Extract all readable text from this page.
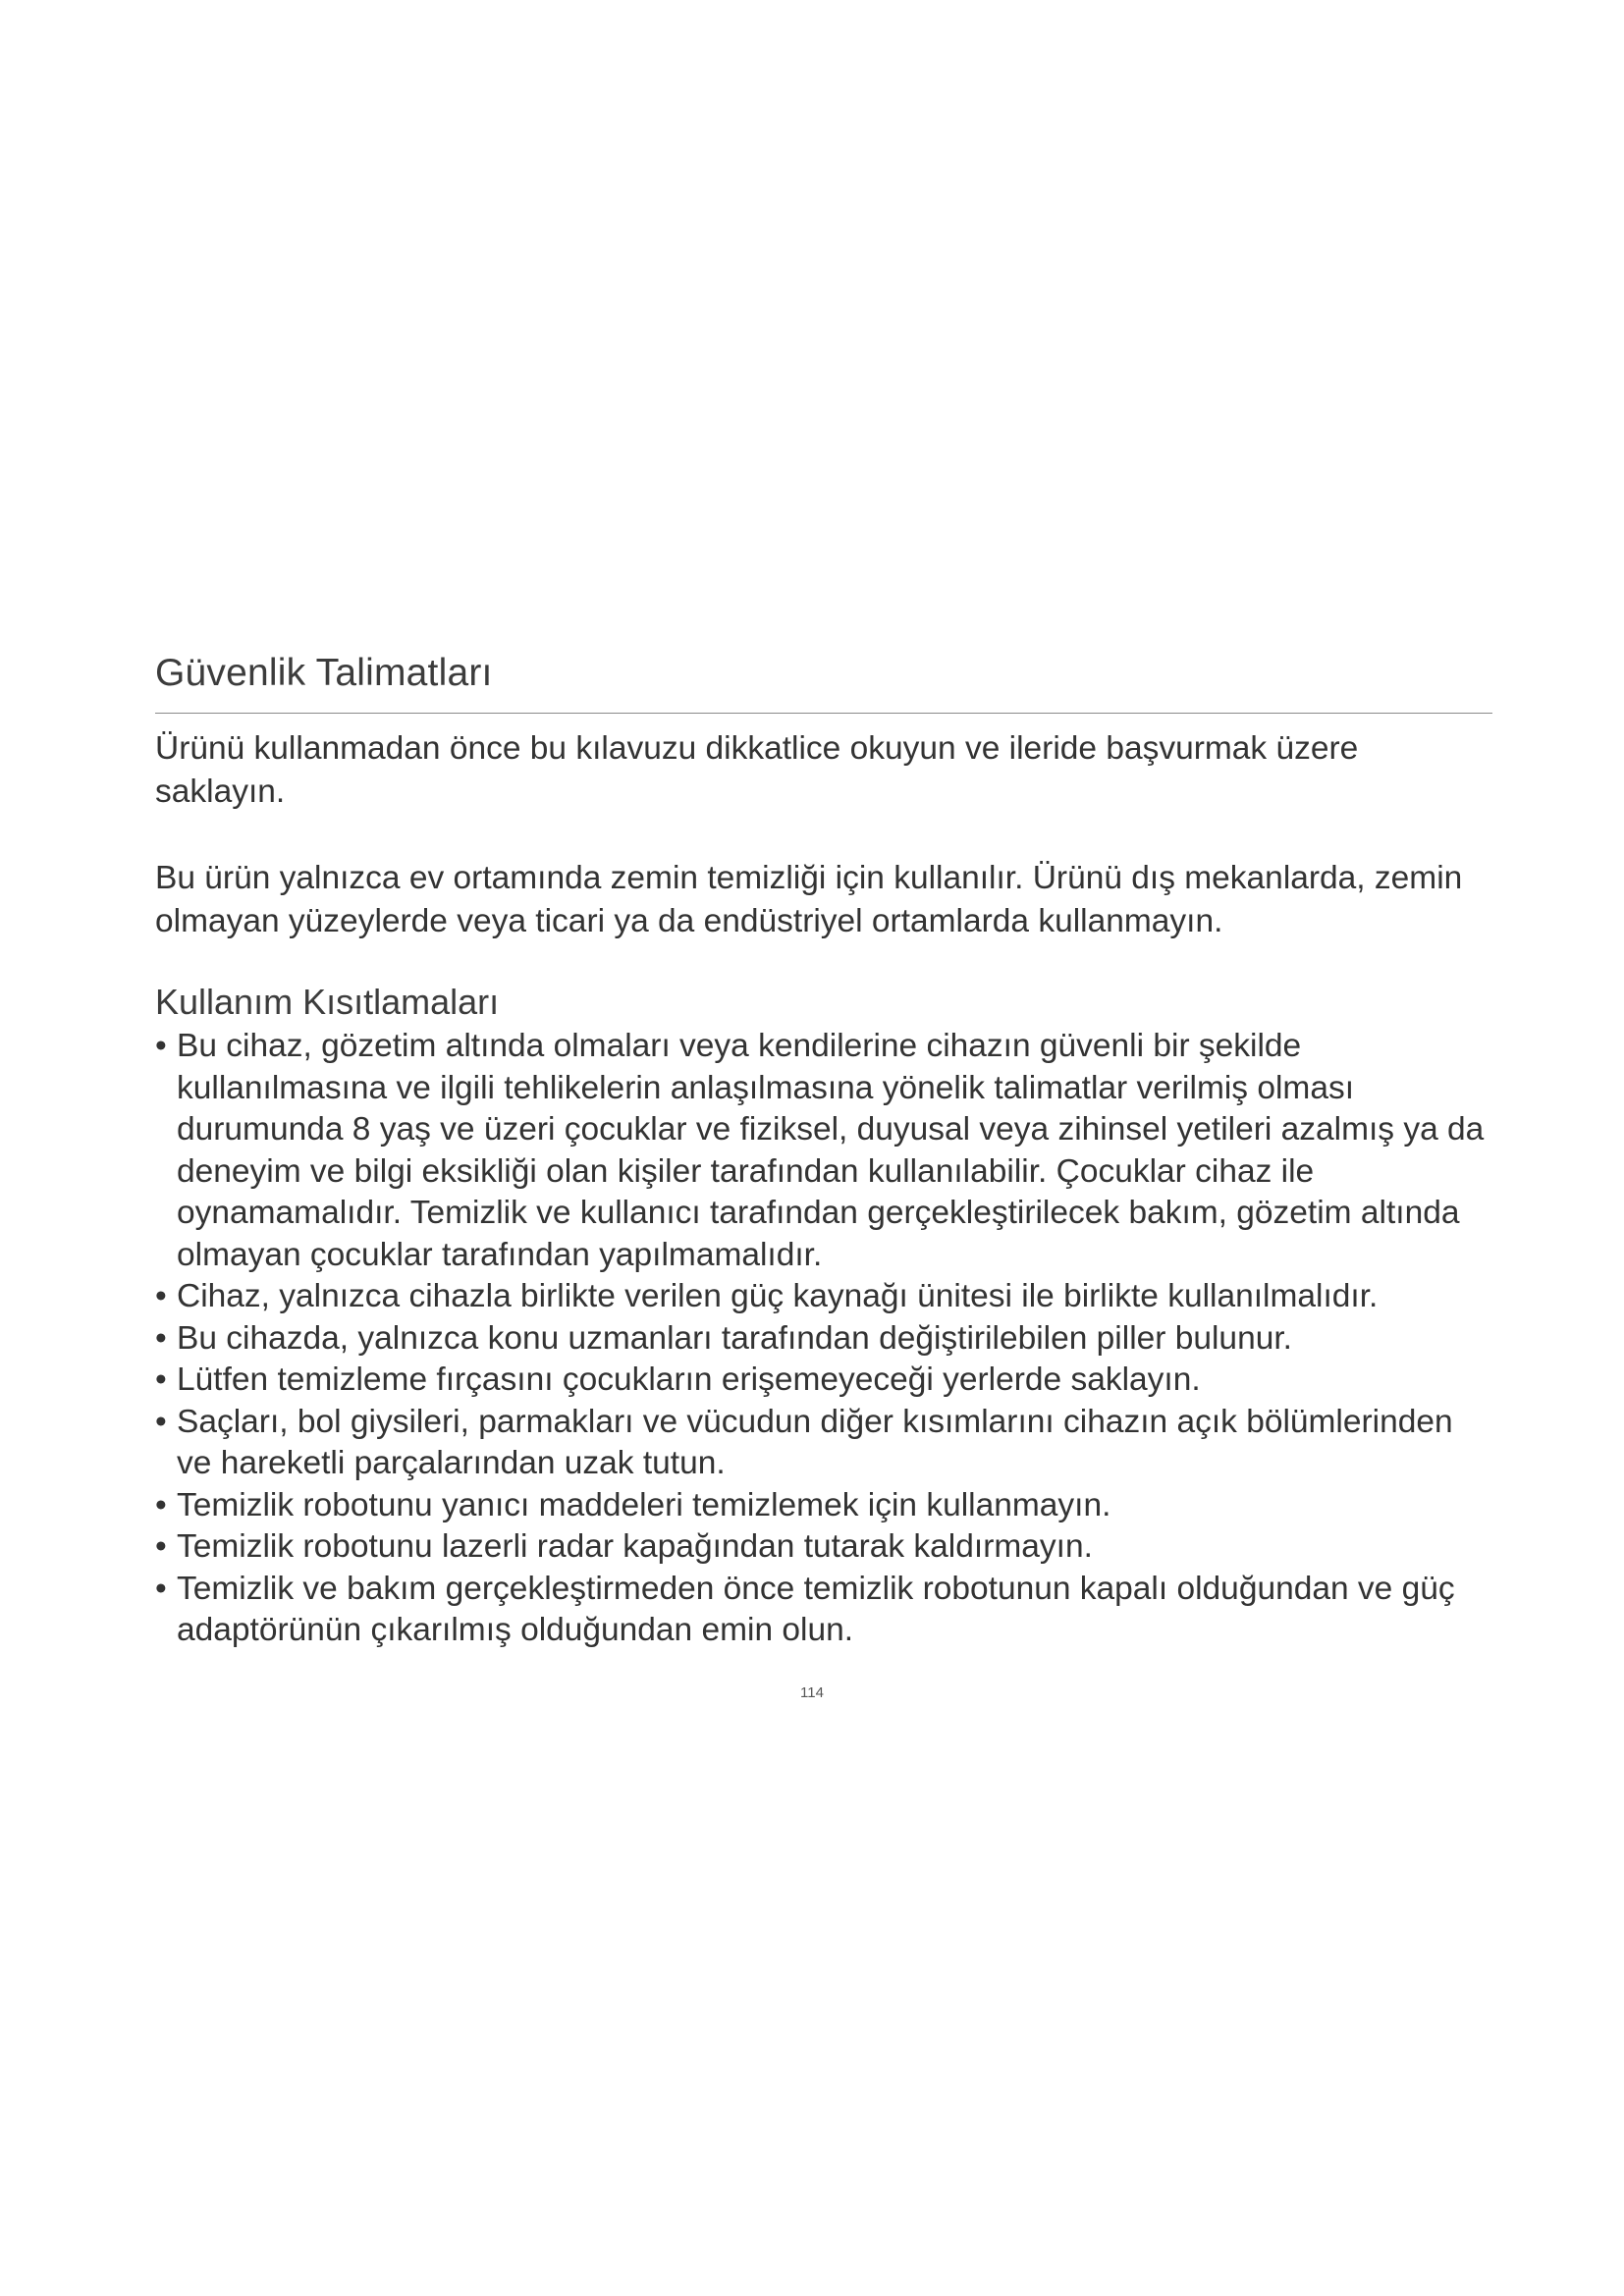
Güvenlik Talimatları

Ürünü kullanmadan önce bu kılavuzu dikkatlice okuyun ve ileride başvurmak üzere saklayın.

Bu ürün yalnızca ev ortamında zemin temizliği için kullanılır. Ürünü dış mekanlarda, zemin olmayan yüzeylerde veya ticari ya da endüstriyel ortamlarda kullanmayın.

Kullanım Kısıtlamaları
• Bu cihaz, gözetim altında olmaları veya kendilerine cihazın güvenli bir şekilde kullanılmasına ve ilgili tehlikelerin anlaşılmasına yönelik talimatlar verilmiş olması durumunda 8 yaş ve üzeri çocuklar ve fiziksel, duyusal veya zihinsel yetileri azalmış ya da deneyim ve bilgi eksikliği olan kişiler tarafından kullanılabilir. Çocuklar cihaz ile oynamamalıdır. Temizlik ve kullanıcı tarafından gerçekleştirilecek bakım, gözetim altında olmayan çocuklar tarafından yapılmamalıdır.
• Cihaz, yalnızca cihazla birlikte verilen güç kaynağı ünitesi ile birlikte kullanılmalıdır.
• Bu cihazda, yalnızca konu uzmanları tarafından değiştirilebilen piller bulunur.
• Lütfen temizleme fırçasını çocukların erişemeyeceği yerlerde saklayın.
• Saçları, bol giysileri, parmakları ve vücudun diğer kısımlarını cihazın açık bölümlerinden ve hareketli parçalarından uzak tutun.
• Temizlik robotunu yanıcı maddeleri temizlemek için kullanmayın.
• Temizlik robotunu lazerli radar kapağından tutarak kaldırmayın.
• Temizlik ve bakım gerçekleştirmeden önce temizlik robotunun kapalı olduğundan ve güç adaptörünün çıkarılmış olduğundan emin olun.
114
